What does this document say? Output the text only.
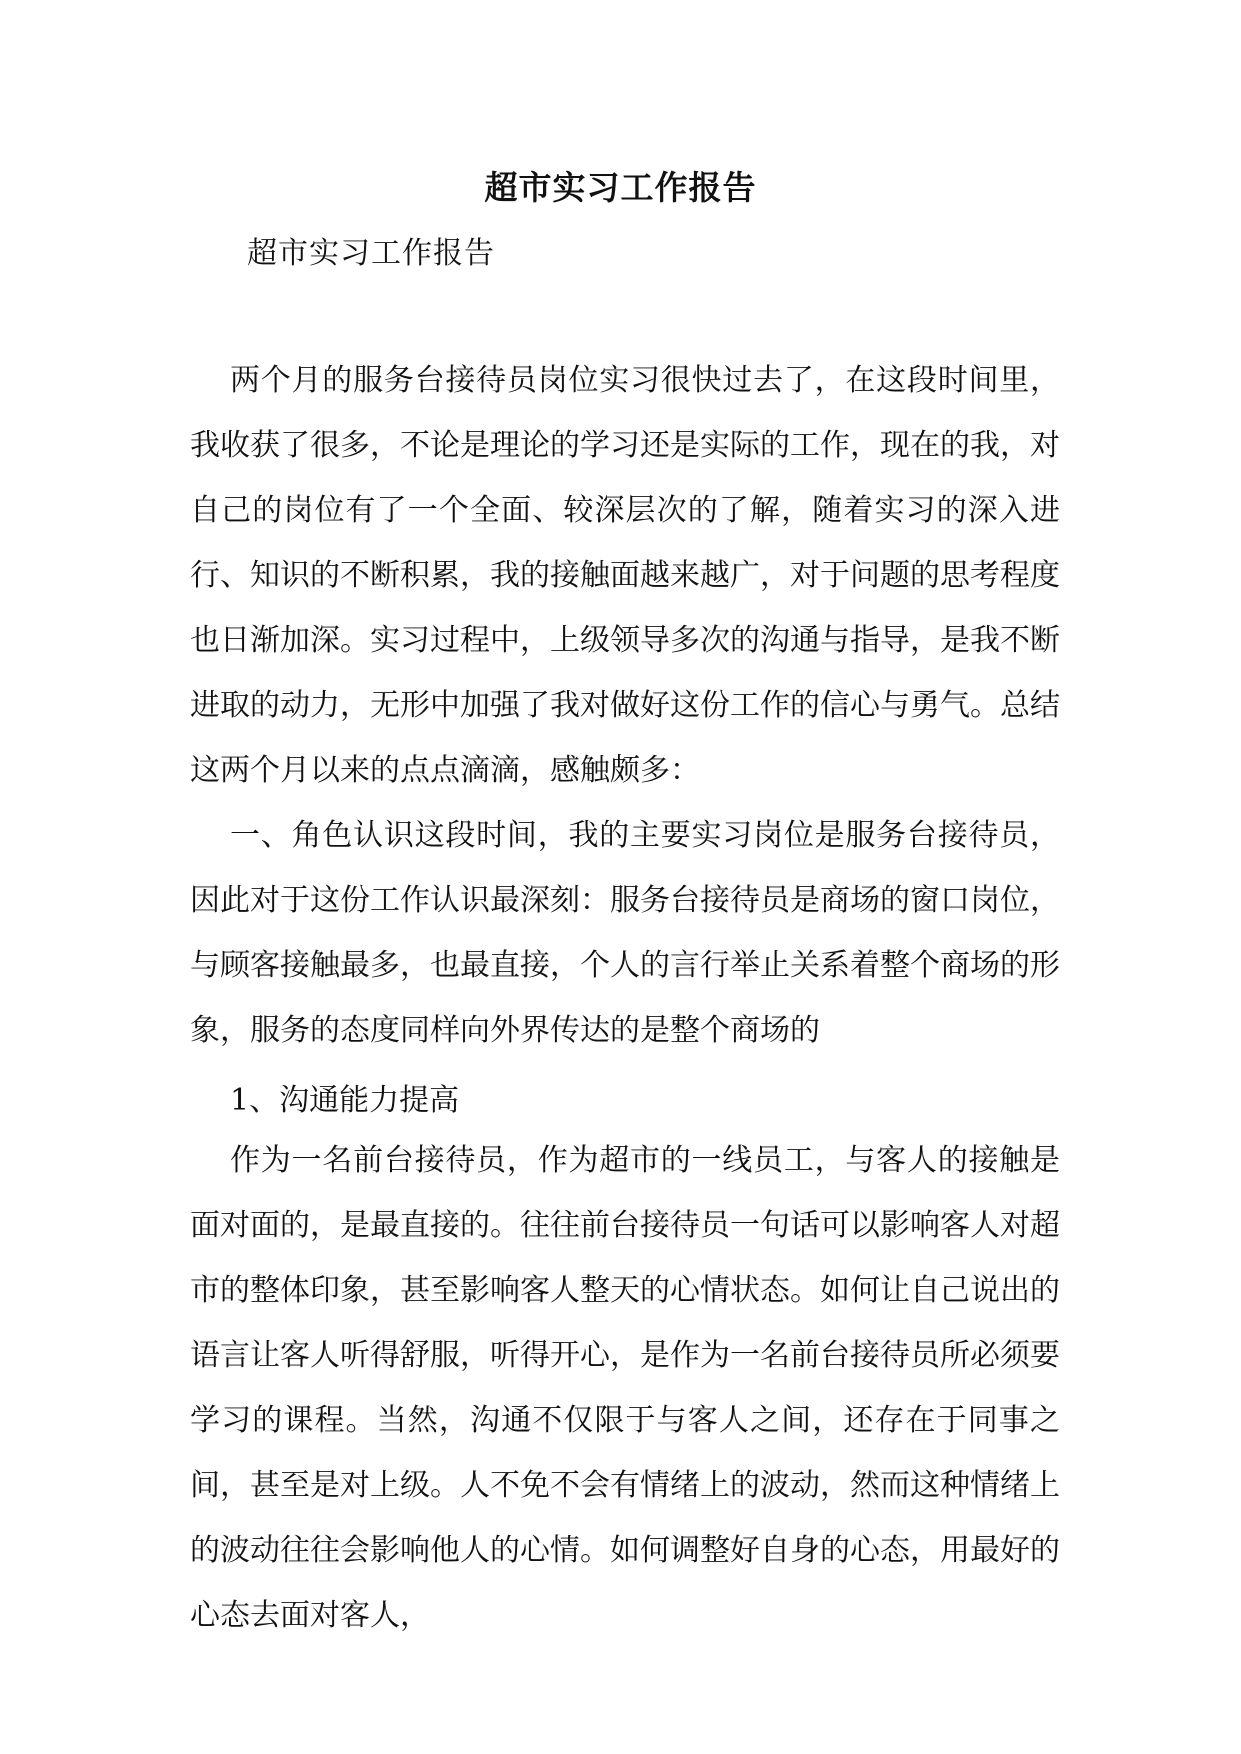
超市实习工作报告
超市实习工作报告

两个月的服务台接待员岗位实习很快过去了，在这段时间里，我收获了很多，不论是理论的学习还是实际的工作，现在的我，对自己的岗位有了一个全面、较深层次的了解，随着实习的深入进行、知识的不断积累，我的接触面越来越广，对于问题的思考程度也日渐加深。实习过程中，上级领导多次的沟通与指导，是我不断进取的动力，无形中加强了我对做好这份工作的信心与勇气。总结这两个月以来的点点滴滴，感触颇多：

一、角色认识这段时间，我的主要实习岗位是服务台接待员，因此对于这份工作认识最深刻：服务台接待员是商场的窗口岗位，与顾客接触最多，也最直接，个人的言行举止关系着整个商场的形象，服务的态度同样向外界传达的是整个商场的

1、沟通能力提高

作为一名前台接待员，作为超市的一线员工，与客人的接触是面对面的，是最直接的。往往前台接待员一句话可以影响客人对超市的整体印象，甚至影响客人整天的心情状态。如何让自己说出的语言让客人听得舒服，听得开心，是作为一名前台接待员所必须要学习的课程。当然，沟通不仅限于与客人之间，还存在于同事之间，甚至是对上级。人不免不会有情绪上的波动，然而这种情绪上的波动往往会影响他人的心情。如何调整好自身的心态，用最好的心态去面对客人，
